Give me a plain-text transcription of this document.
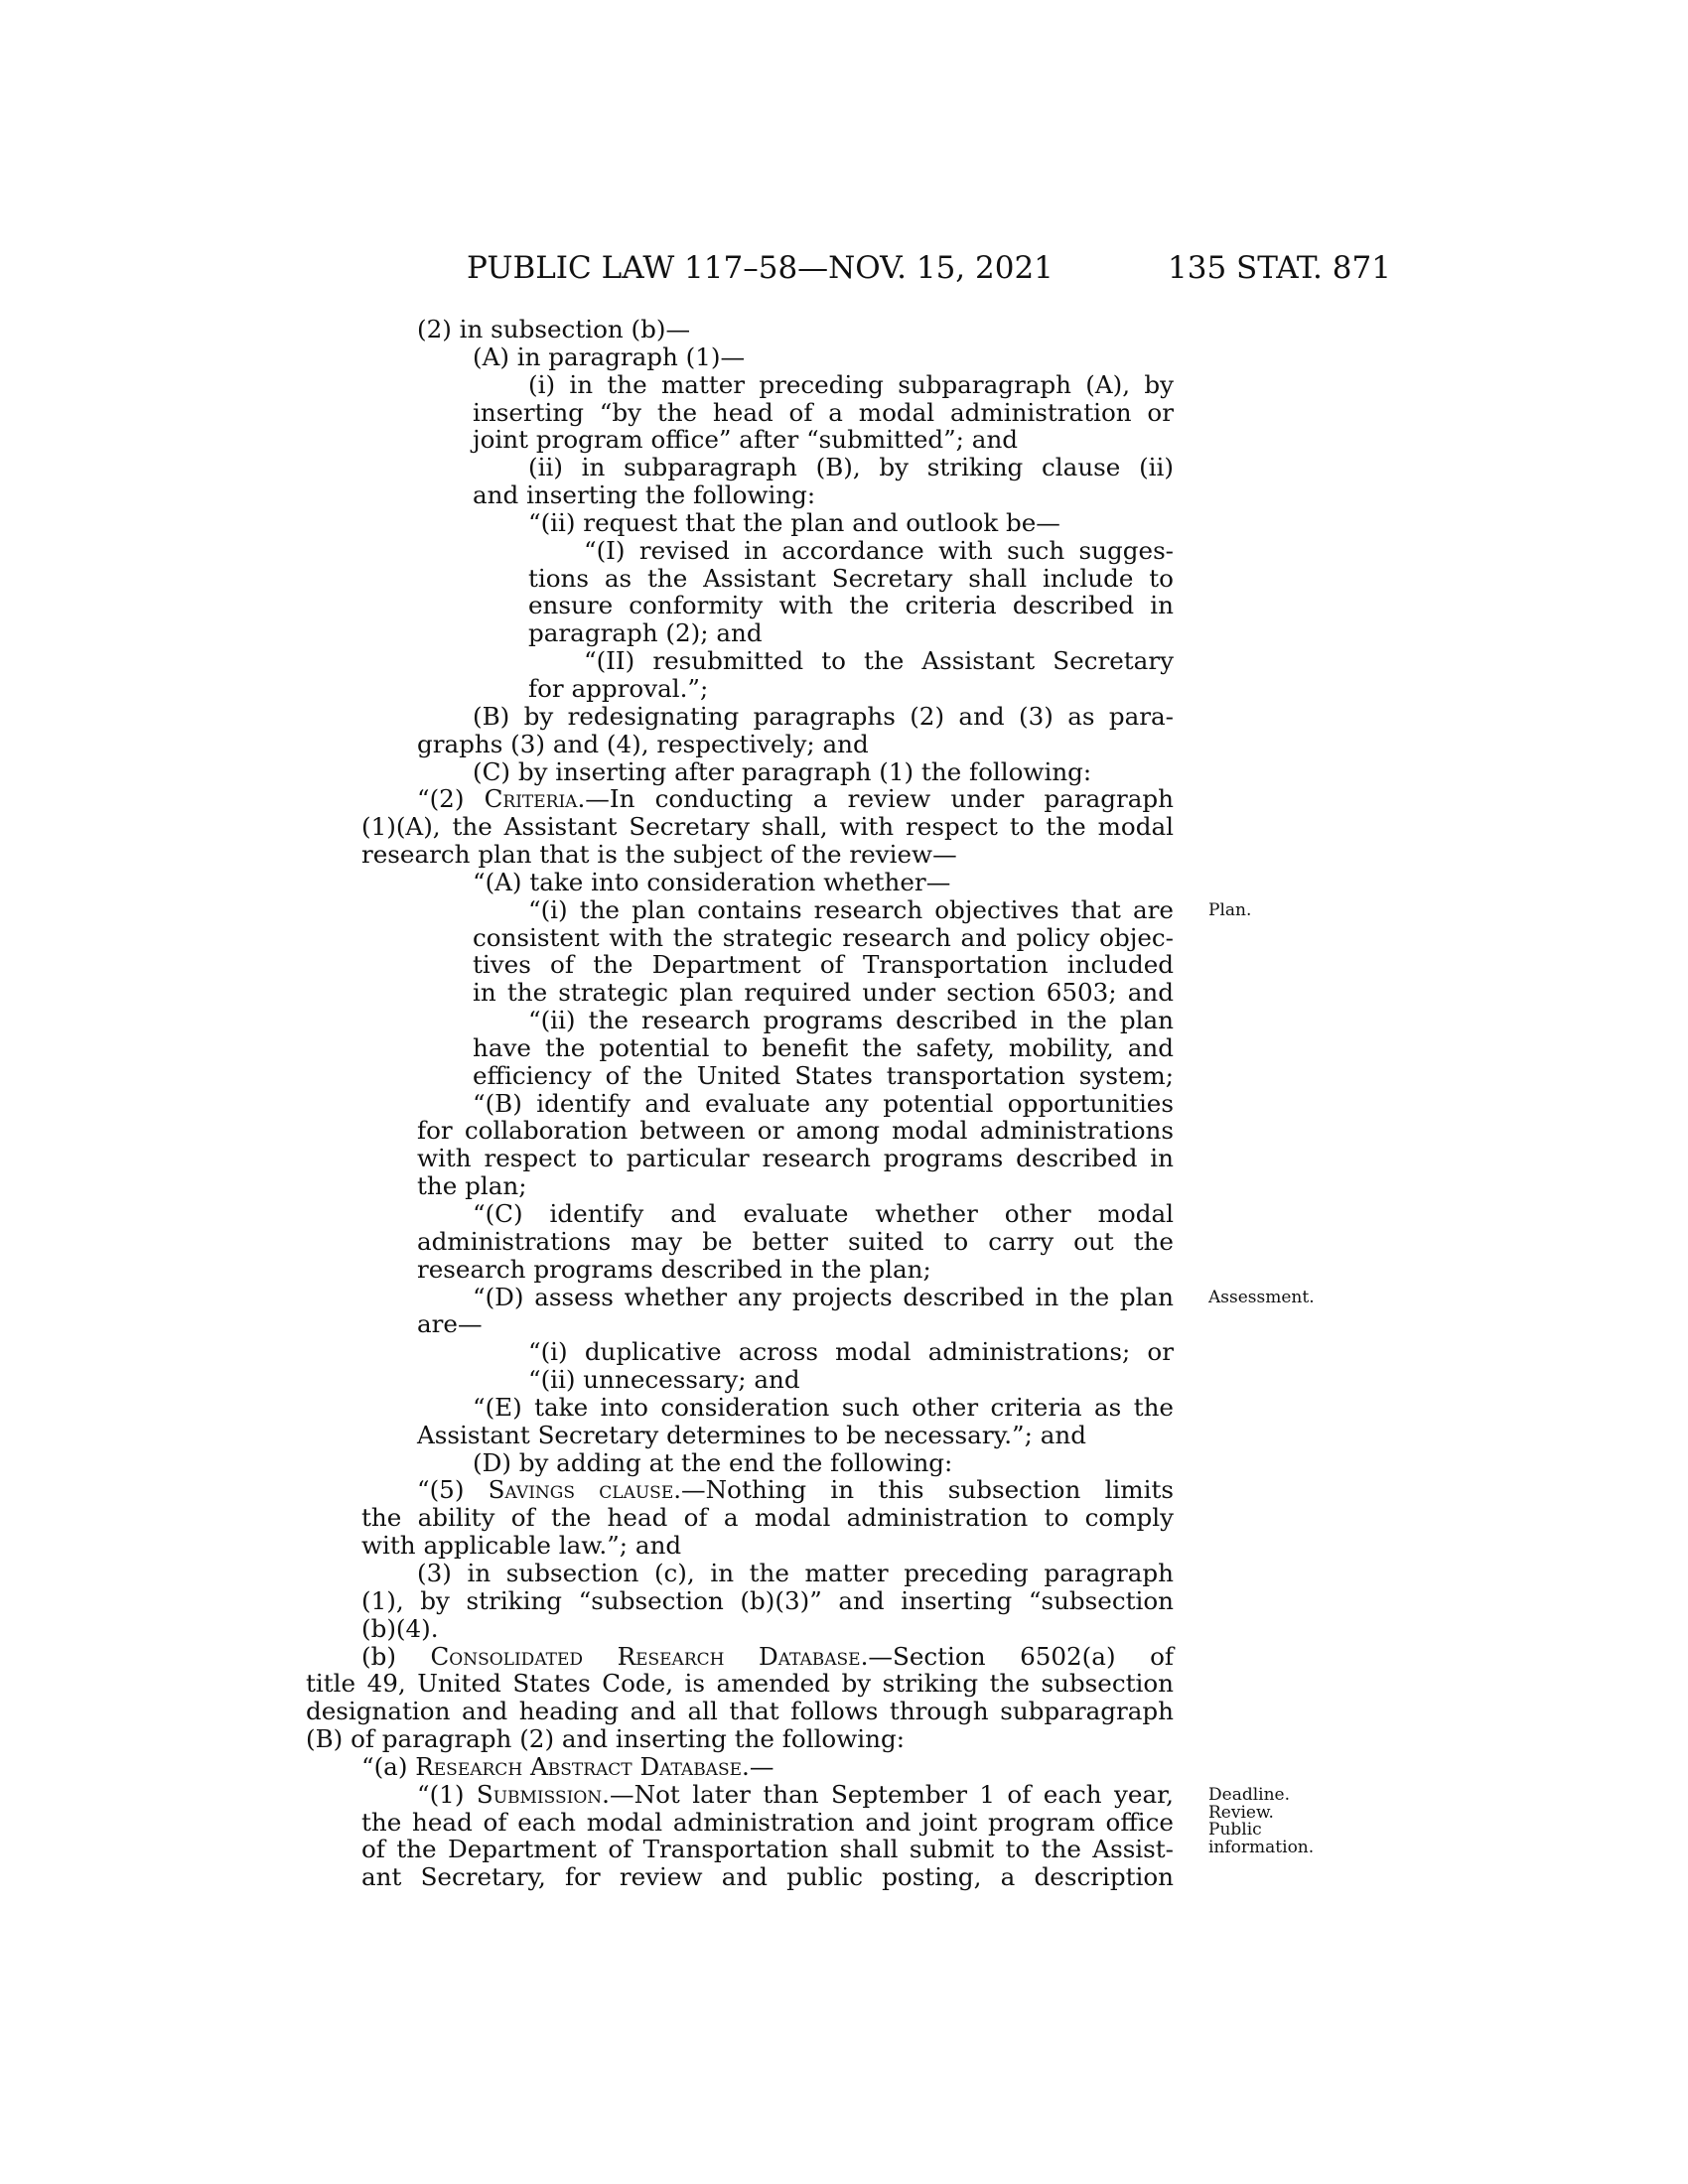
PUBLIC LAW 117–58—NOV. 15, 2021	135 STAT. 871
(2) in subsection (b)—
(A) in paragraph (1)—
(i) in the matter preceding subparagraph (A), by
inserting “by the head of a modal administration or
joint program office” after “submitted”; and
(ii) in subparagraph (B), by striking clause (ii)
and inserting the following:
“(ii) request that the plan and outlook be—
“(I) revised in accordance with such sugges-
tions as the Assistant Secretary shall include to
ensure conformity with the criteria described in
paragraph (2); and
“(II) resubmitted to the Assistant Secretary
for approval.”;
(B) by redesignating paragraphs (2) and (3) as para-
graphs (3) and (4), respectively; and
(C) by inserting after paragraph (1) the following:
“(2) Criteria.—In conducting a review under paragraph
(1)(A), the Assistant Secretary shall, with respect to the modal
research plan that is the subject of the review—
“(A) take into consideration whether—
“(i) the plan contains research objectives that are
consistent with the strategic research and policy objec-
tives of the Department of Transportation included
in the strategic plan required under section 6503; and
“(ii) the research programs described in the plan
have the potential to benefit the safety, mobility, and
efficiency of the United States transportation system;
“(B) identify and evaluate any potential opportunities
for collaboration between or among modal administrations
with respect to particular research programs described in
the plan;
“(C) identify and evaluate whether other modal
administrations may be better suited to carry out the
research programs described in the plan;
“(D) assess whether any projects described in the plan
are—
“(i) duplicative across modal administrations; or
“(ii) unnecessary; and
“(E) take into consideration such other criteria as the
Assistant Secretary determines to be necessary.”; and
(D) by adding at the end the following:
“(5) Savings clause.—Nothing in this subsection limits
the ability of the head of a modal administration to comply
with applicable law.”; and
(3) in subsection (c), in the matter preceding paragraph
(1), by striking “subsection (b)(3)” and inserting “subsection
(b)(4).
(b) Consolidated Research Database.—Section 6502(a) of
title 49, United States Code, is amended by striking the subsection
designation and heading and all that follows through subparagraph
(B) of paragraph (2) and inserting the following:
“(a) Research Abstract Database.—
“(1) Submission.—Not later than September 1 of each year,
the head of each modal administration and joint program office
of the Department of Transportation shall submit to the Assist-
ant Secretary, for review and public posting, a description
Plan.
Assessment.
Deadline.
Review.
Public
information.
